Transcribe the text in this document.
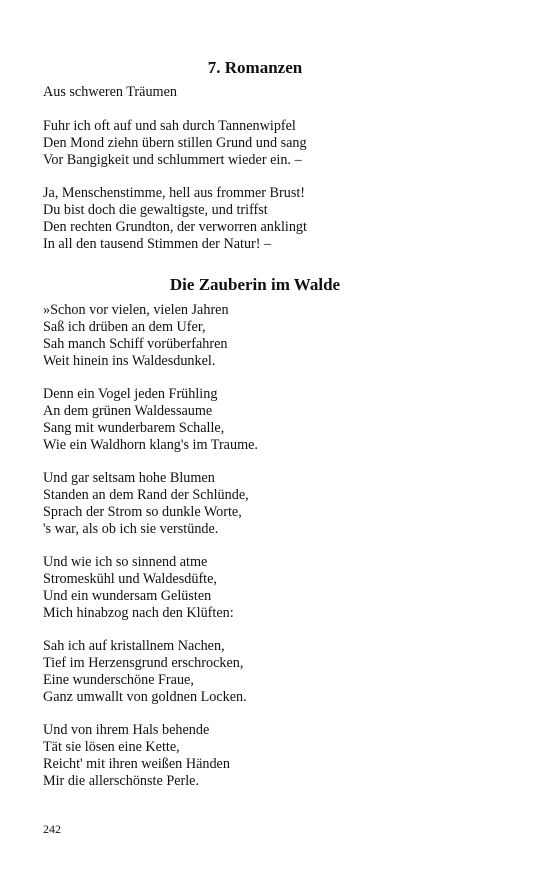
7. Romanzen

Aus schweren Träumen

Fuhr ich oft auf und sah durch Tannenwipfel
Den Mond ziehn übern stillen Grund und sang
Vor Bangigkeit und schlummert wieder ein. –
Ja, Menschenstimme, hell aus frommer Brust!
Du bist doch die gewaltigste, und triffst
Den rechten Grundton, der verworren anklingt
In all den tausend Stimmen der Natur! –
Die Zauberin im Walde
»Schon vor vielen, vielen Jahren
Saß ich drüben an dem Ufer,
Sah manch Schiff vorüberfahren
Weit hinein ins Waldesdunkel.
Denn ein Vogel jeden Frühling
An dem grünen Waldessaume
Sang mit wunderbarem Schalle,
Wie ein Waldhorn klang's im Traume.
Und gar seltsam hohe Blumen
Standen an dem Rand der Schlünde,
Sprach der Strom so dunkle Worte,
's war, als ob ich sie verstünde.
Und wie ich so sinnend atme
Stromeskühl und Waldesdüfte,
Und ein wundersam Gelüsten
Mich hinabzog nach den Klüften:
Sah ich auf kristallnem Nachen,
Tief im Herzensgrund erschrocken,
Eine wunderschöne Fraue,
Ganz umwallt von goldnen Locken.
Und von ihrem Hals behende
Tät sie lösen eine Kette,
Reicht' mit ihren weißen Händen
Mir die allerschönste Perle.

242
